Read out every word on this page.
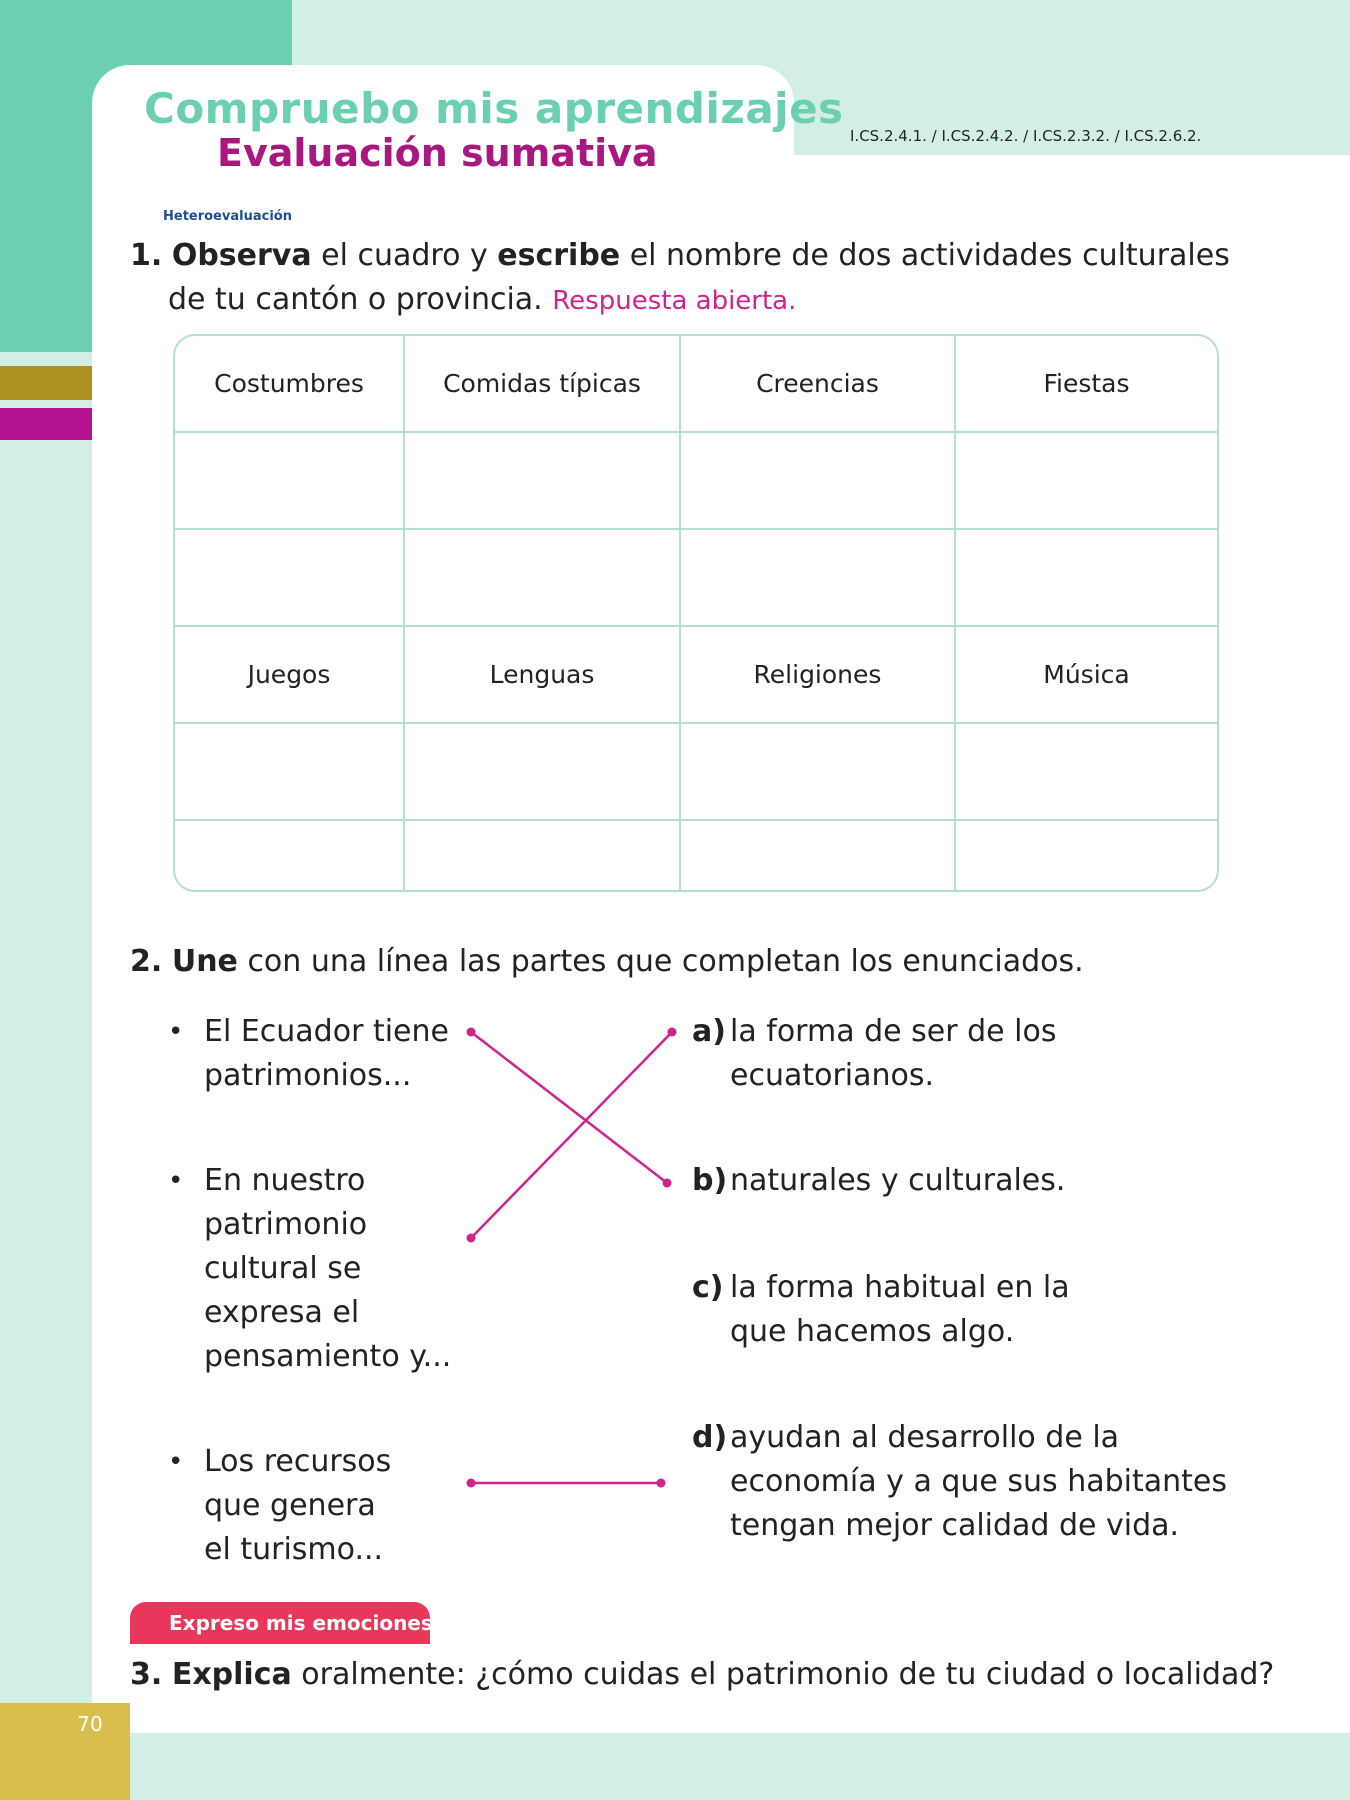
70
Compruebo mis aprendizajes
Evaluación sumativa	I.CS.2.4.1. / I.CS.2.4.2. / I.CS.2.3.2. / I.CS.2.6.2.
Heteroevaluación
1. Observa el cuadro y escribe el nombre de dos actividades culturales
de tu cantón o provincia. Respuesta abierta.
Costumbres	Comidas típicas	Creencias	Fiestas

Juegos	Lenguas	Religiones	Música

2. Une con una línea las partes que completan los enunciados.
• El Ecuador tiene
patrimonios...
• En nuestro
patrimonio
cultural se
expresa el
pensamiento y...
• Los recursos
que genera
el turismo...
a) la forma de ser de los
ecuatorianos.
b) naturales y culturales.
c) la forma habitual en la
que hacemos algo.
d) ayudan al desarrollo de la
economía y a que sus habitantes
tengan mejor calidad de vida.
Expreso mis emociones
3. Explica oralmente: ¿cómo cuidas el patrimonio de tu ciudad o localidad?
